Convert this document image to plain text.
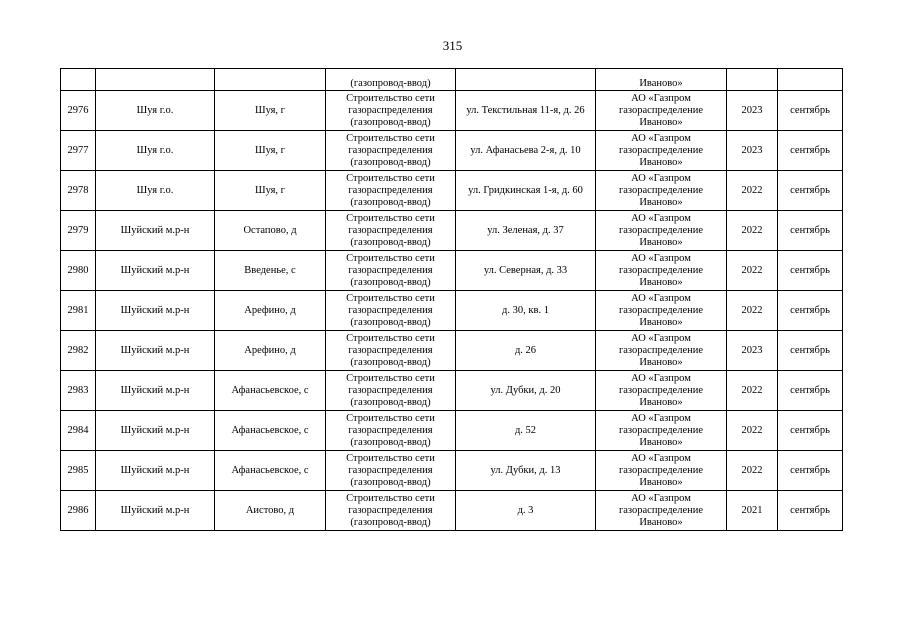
315
			(газопровод-ввод)		Иваново»		
2976	Шуя г.о.	Шуя, г	Строительство сети газораспределения (газопровод-ввод)	ул. Текстильная 11-я, д. 26	АО «Газпром газораспределение Иваново»	2023	сентябрь
2977	Шуя г.о.	Шуя, г	Строительство сети газораспределения (газопровод-ввод)	ул. Афанасьева 2-я, д. 10	АО «Газпром газораспределение Иваново»	2023	сентябрь
2978	Шуя г.о.	Шуя, г	Строительство сети газораспределения (газопровод-ввод)	ул. Гридкинская 1-я, д. 60	АО «Газпром газораспределение Иваново»	2022	сентябрь
2979	Шуйский м.р-н	Остапово, д	Строительство сети газораспределения (газопровод-ввод)	ул. Зеленая, д. 37	АО «Газпром газораспределение Иваново»	2022	сентябрь
2980	Шуйский м.р-н	Введенье, с	Строительство сети газораспределения (газопровод-ввод)	ул. Северная, д. 33	АО «Газпром газораспределение Иваново»	2022	сентябрь
2981	Шуйский м.р-н	Арефино, д	Строительство сети газораспределения (газопровод-ввод)	д. 30, кв. 1	АО «Газпром газораспределение Иваново»	2022	сентябрь
2982	Шуйский м.р-н	Арефино, д	Строительство сети газораспределения (газопровод-ввод)	д. 26	АО «Газпром газораспределение Иваново»	2023	сентябрь
2983	Шуйский м.р-н	Афанасьевское, с	Строительство сети газораспределения (газопровод-ввод)	ул. Дубки, д. 20	АО «Газпром газораспределение Иваново»	2022	сентябрь
2984	Шуйский м.р-н	Афанасьевское, с	Строительство сети газораспределения (газопровод-ввод)	д. 52	АО «Газпром газораспределение Иваново»	2022	сентябрь
2985	Шуйский м.р-н	Афанасьевское, с	Строительство сети газораспределения (газопровод-ввод)	ул. Дубки, д. 13	АО «Газпром газораспределение Иваново»	2022	сентябрь
2986	Шуйский м.р-н	Аистово, д	Строительство сети газораспределения (газопровод-ввод)	д. 3	АО «Газпром газораспределение Иваново»	2021	сентябрь
